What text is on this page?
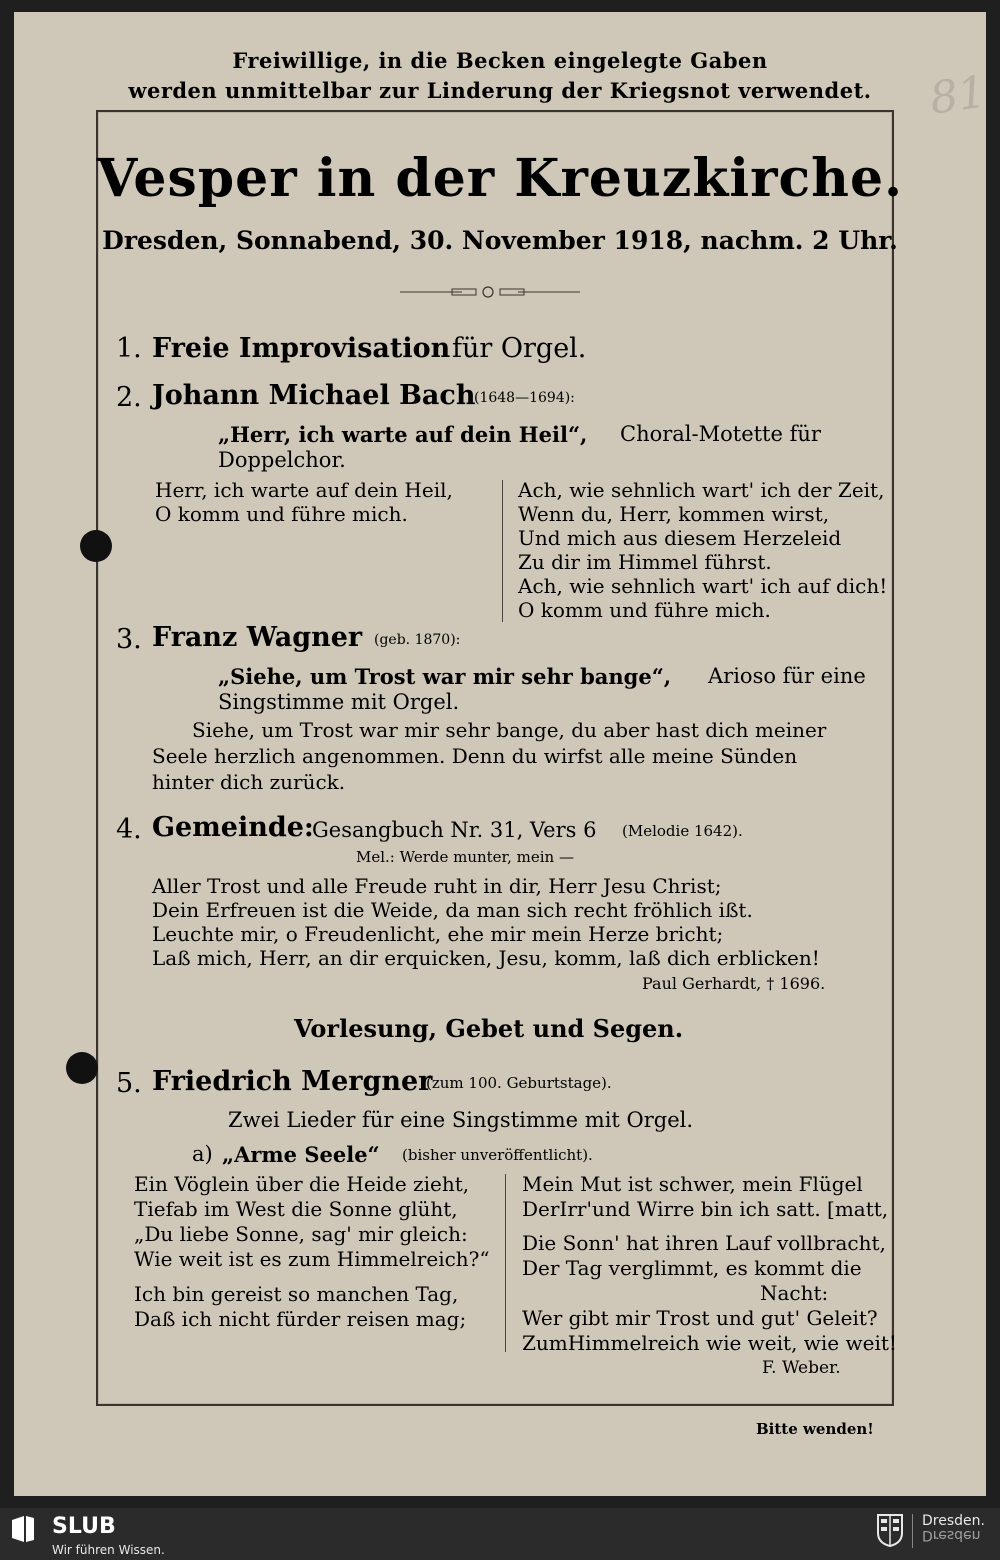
81
Freiwillige, in die Becken eingelegte Gaben
werden unmittelbar zur Linderung der Kriegsnot verwendet.
Vesper in der Kreuzkirche.
Dresden, Sonnabend, 30. November 1918, nachm. 2 Uhr.
1. Freie Improvisation für Orgel.
2. Johann Michael Bach
(1648—1694):
„Herr, ich warte auf dein Heil“, Choral-Motette für
Doppelchor.
Herr, ich warte auf dein Heil,
O komm und führe mich.
Ach, wie sehnlich wart' ich der Zeit,
Wenn du, Herr, kommen wirst,
Und mich aus diesem Herzeleid
Zu dir im Himmel führst.
Ach, wie sehnlich wart' ich auf dich!
O komm und führe mich.
3. Franz Wagner (geb. 1870):
„Siehe, um Trost war mir sehr bange“, Arioso für eine
Singstimme mit Orgel.
Siehe, um Trost war mir sehr bange, du aber hast dich meiner
Seele herzlich angenommen. Denn du wirfst alle meine Sünden
hinter dich zurück.
4. Gemeinde:
Gesangbuch Nr. 31, Vers 6 (Melodie 1642).
Mel.: Werde munter, mein —
Aller Trost und alle Freude ruht in dir, Herr Jesu Christ;
Dein Erfreuen ist die Weide, da man sich recht fröhlich ißt.
Leuchte mir, o Freudenlicht, ehe mir mein Herze bricht;
Laß mich, Herr, an dir erquicken, Jesu, komm, laß dich erblicken!
Paul Gerhardt, † 1696.
Vorlesung, Gebet und Segen.
5. Friedrich Mergner
(zum 100. Geburtstage).
Zwei Lieder für eine Singstimme mit Orgel.
a) „Arme Seele“ (bisher unveröffentlicht).
Ein Vöglein über die Heide zieht,
Tiefab im West die Sonne glüht,
„Du liebe Sonne, sag' mir gleich:
Wie weit ist es zum Himmelreich?“
Ich bin gereist so manchen Tag,
Daß ich nicht fürder reisen mag;
Mein Mut ist schwer, mein Flügel
DerIrr'und Wirre bin ich satt. [matt,
Die Sonn' hat ihren Lauf vollbracht,
Der Tag verglimmt, es kommt die
Nacht:
Wer gibt mir Trost und gut' Geleit?
ZumHimmelreich wie weit, wie weit!
F. Weber.
Bitte wenden!
SLUB
Wir führen Wissen.
Dresden.
Dresden
